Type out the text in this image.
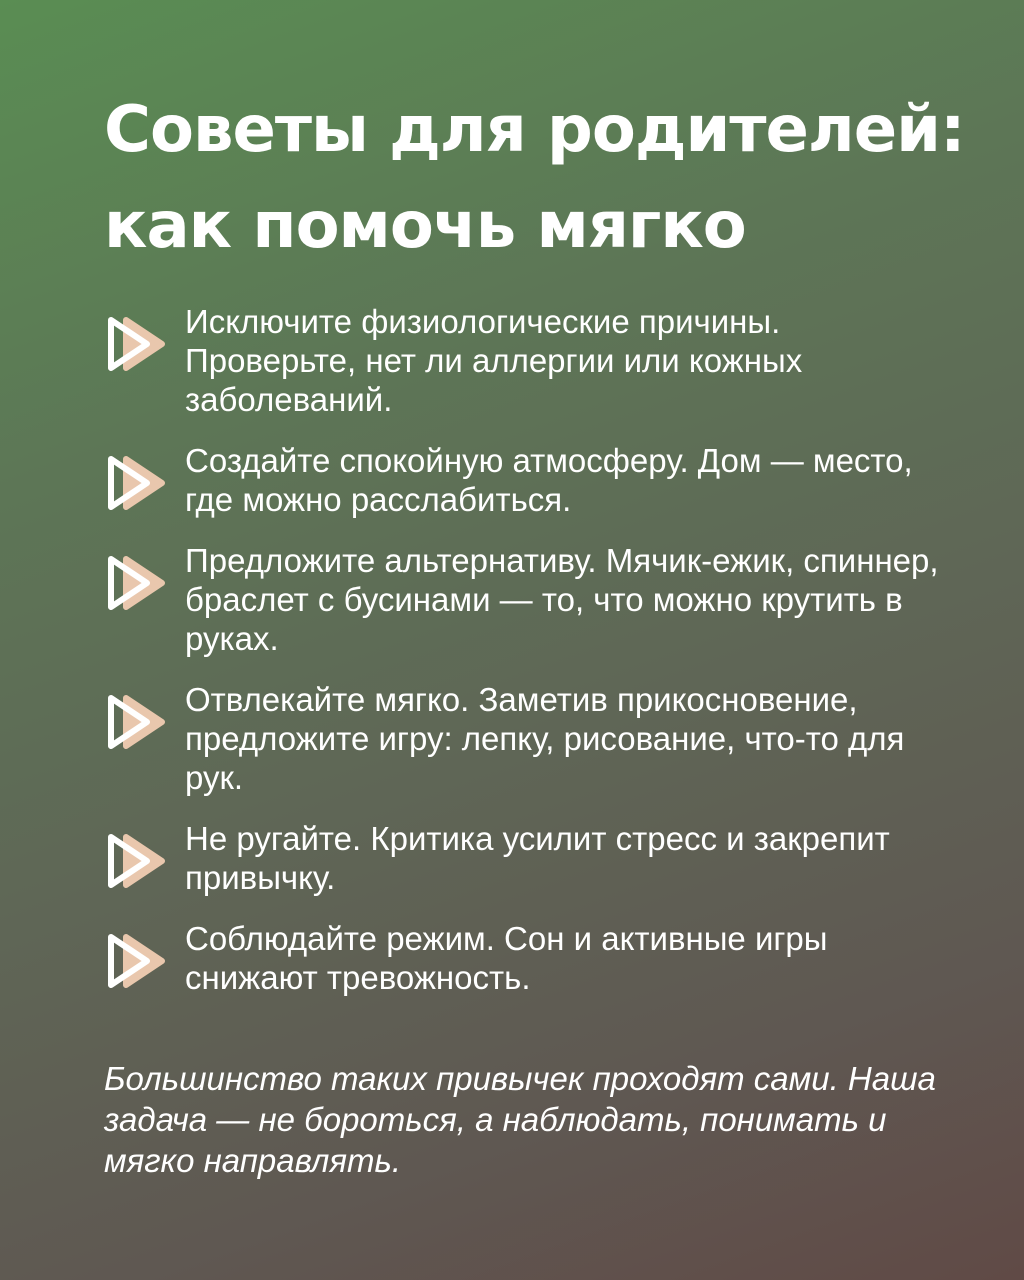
Советы для родителей:
как помочь мягко
Исключите физиологические причины. Проверьте, нет ли аллергии или кожных заболеваний.
Создайте спокойную атмосферу. Дом — место, где можно расслабиться.
Предложите альтернативу. Мячик-ежик, спиннер, браслет с бусинами — то, что можно крутить в руках.
Отвлекайте мягко. Заметив прикосновение, предложите игру: лепку, рисование, что-то для рук.
Не ругайте. Критика усилит стресс и закрепит привычку.
Соблюдайте режим. Сон и активные игры снижают тревожность.

Большинство таких привычек проходят сами. Наша задача — не бороться, а наблюдать, понимать и мягко направлять.
